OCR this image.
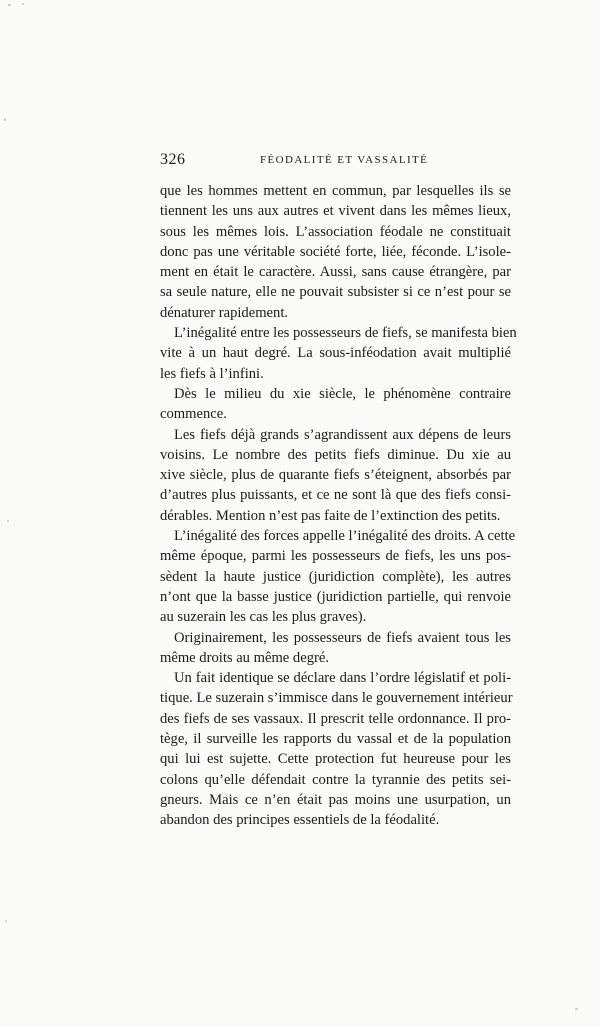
326	FÉODALITÉ ET VASSALITÉ
que les hommes mettent en commun, par lesquelles ils se
tiennent les uns aux autres et vivent dans les mêmes lieux,
sous les mêmes lois. L’association féodale ne constituait
donc pas une véritable société forte, liée, féconde. L’isole-
ment en était le caractère. Aussi, sans cause étrangère, par
sa seule nature, elle ne pouvait subsister si ce n’est pour se
dénaturer rapidement.
L’inégalité entre les possesseurs de fiefs, se manifesta bien
vite à un haut degré. La sous-inféodation avait multiplié
les fiefs à l’infini.
Dès le milieu du xie siècle, le phénomène contraire
commence.
Les fiefs déjà grands s’agrandissent aux dépens de leurs
voisins. Le nombre des petits fiefs diminue. Du xie au
xive siècle, plus de quarante fiefs s’éteignent, absorbés par
d’autres plus puissants, et ce ne sont là que des fiefs consi-
dérables. Mention n’est pas faite de l’extinction des petits.
L’inégalité des forces appelle l’inégalité des droits. A cette
même époque, parmi les possesseurs de fiefs, les uns pos-
sèdent la haute justice (juridiction complète), les autres
n’ont que la basse justice (juridiction partielle, qui renvoie
au suzerain les cas les plus graves).
Originairement, les possesseurs de fiefs avaient tous les
même droits au même degré.
Un fait identique se déclare dans l’ordre législatif et poli-
tique. Le suzerain s’immisce dans le gouvernement intérieur
des fiefs de ses vassaux. Il prescrit telle ordonnance. Il pro-
tège, il surveille les rapports du vassal et de la population
qui lui est sujette. Cette protection fut heureuse pour les
colons qu’elle défendait contre la tyrannie des petits sei-
gneurs. Mais ce n’en était pas moins une usurpation, un
abandon des principes essentiels de la féodalité.
